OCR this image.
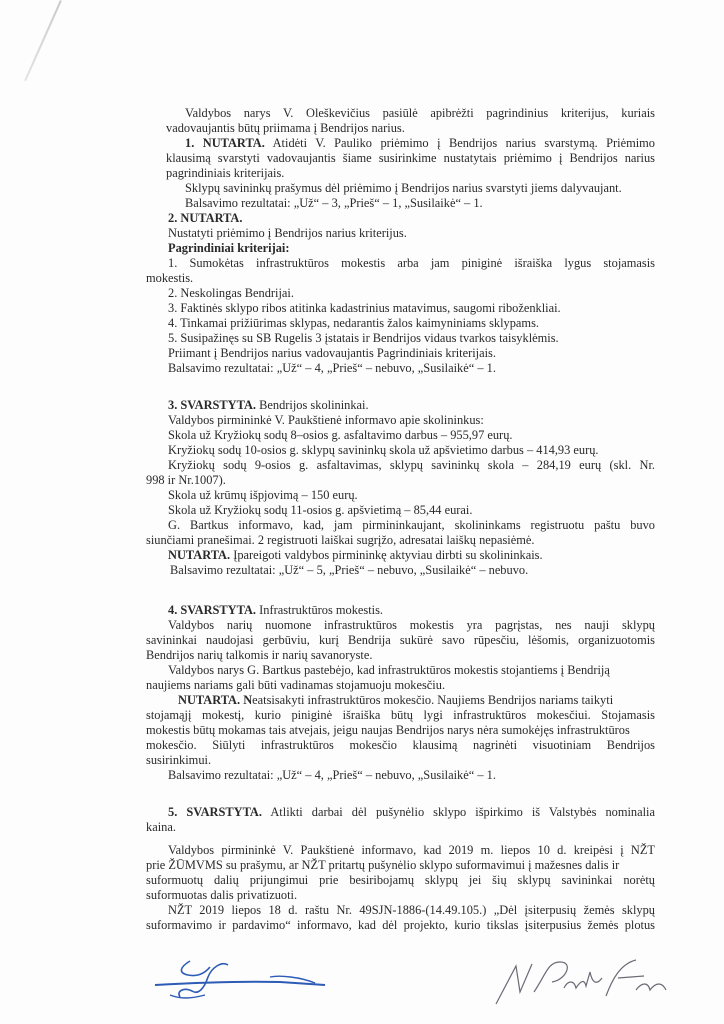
Valdybos narys V. Oleškevičius pasiūlė apibrėžti pagrindinius kriterijus, kuriais
vadovaujantis būtų priimama į Bendrijos narius.
1. NUTARTA. Atidėti V. Pauliko priėmimo į Bendrijos narius svarstymą. Priėmimo
klausimą svarstyti vadovaujantis šiame susirinkime nustatytais priėmimo į Bendrijos narius
pagrindiniais kriterijais.
Sklypų savininkų prašymus dėl priėmimo į Bendrijos narius svarstyti jiems dalyvaujant.
Balsavimo rezultatai: „Už“ – 3, „Prieš“ – 1, „Susilaikė“ – 1.
2. NUTARTA.
Nustatyti priėmimo į Bendrijos narius kriterijus.
Pagrindiniai kriterijai:
1. Sumokėtas infrastruktūros mokestis arba jam piniginė išraiška lygus stojamasis
mokestis.
2. Neskolingas Bendrijai.
3. Faktinės sklypo ribos atitinka kadastrinius matavimus, saugomi riboženkliai.
4. Tinkamai prižiūrimas sklypas, nedarantis žalos kaimyniniams sklypams.
5. Susipažinęs su SB Rugelis 3 įstatais ir Bendrijos vidaus tvarkos taisyklėmis.
Priimant į Bendrijos narius vadovaujantis Pagrindiniais kriterijais.
Balsavimo rezultatai: „Už“ – 4, „Prieš“ – nebuvo, „Susilaikė“ – 1.
3. SVARSTYTA. Bendrijos skolininkai.
Valdybos pirmininkė V. Paukštienė informavo apie skolininkus:
Skola už Kryžiokų sodų 8–osios g. asfaltavimo darbus – 955,97 eurų.
Kryžiokų sodų 10-osios g. sklypų savininkų skola už apšvietimo darbus – 414,93 eurų.
Kryžiokų sodų 9-osios g. asfaltavimas, sklypų savininkų skola – 284,19 eurų (skl. Nr.
998 ir Nr.1007).
Skola už krūmų išpjovimą – 150 eurų.
Skola už Kryžiokų sodų 11-osios g. apšvietimą – 85,44 eurai.
G. Bartkus informavo, kad, jam pirmininkaujant, skolininkams registruotu paštu buvo
siunčiami pranešimai. 2 registruoti laiškai sugrįžo, adresatai laiškų nepasiėmė.
NUTARTA. Įpareigoti valdybos pirmininkę aktyviau dirbti su skolininkais.
Balsavimo rezultatai: „Už“ – 5, „Prieš“ – nebuvo, „Susilaikė“ – nebuvo.
4. SVARSTYTA. Infrastruktūros mokestis.
Valdybos narių nuomone infrastruktūros mokestis yra pagrįstas, nes nauji sklypų
savininkai naudojasi gerbūviu, kurį Bendrija sukūrė savo rūpesčiu, lėšomis, organizuotomis
Bendrijos narių talkomis ir narių savanoryste.
Valdybos narys G. Bartkus pastebėjo, kad infrastruktūros mokestis stojantiems į Bendriją
naujiems nariams gali būti vadinamas stojamuoju mokesčiu.
NUTARTA. Neatsisakyti infrastruktūros mokesčio. Naujiems Bendrijos nariams taikyti
stojamąjį mokestį, kurio piniginė išraiška būtų lygi infrastruktūros mokesčiui. Stojamasis
mokestis būtų mokamas tais atvejais, jeigu naujas Bendrijos narys nėra sumokėjęs infrastruktūros
mokesčio. Siūlyti infrastruktūros mokesčio klausimą nagrinėti visuotiniam Bendrijos
susirinkimui.
Balsavimo rezultatai: „Už“ – 4, „Prieš“ – nebuvo, „Susilaikė“ – 1.
5. SVARSTYTA. Atlikti darbai dėl pušynėlio sklypo išpirkimo iš Valstybės nominalia
kaina.
Valdybos pirmininkė V. Paukštienė informavo, kad 2019 m. liepos 10 d. kreipėsi į NŽT
prie ŽŪMVMS su prašymu, ar NŽT pritartų pušynėlio sklypo suformavimui į mažesnes dalis ir
suformuotų dalių prijungimui prie besiribojamų sklypų jei šių sklypų savininkai norėtų
suformuotas dalis privatizuoti.
NŽT 2019 liepos 18 d. raštu Nr. 49SJN-1886-(14.49.105.) „Dėl įsiterpusių žemės sklypų
suformavimo ir pardavimo“ informavo, kad dėl projekto, kurio tikslas įsiterpusius žemės plotus
